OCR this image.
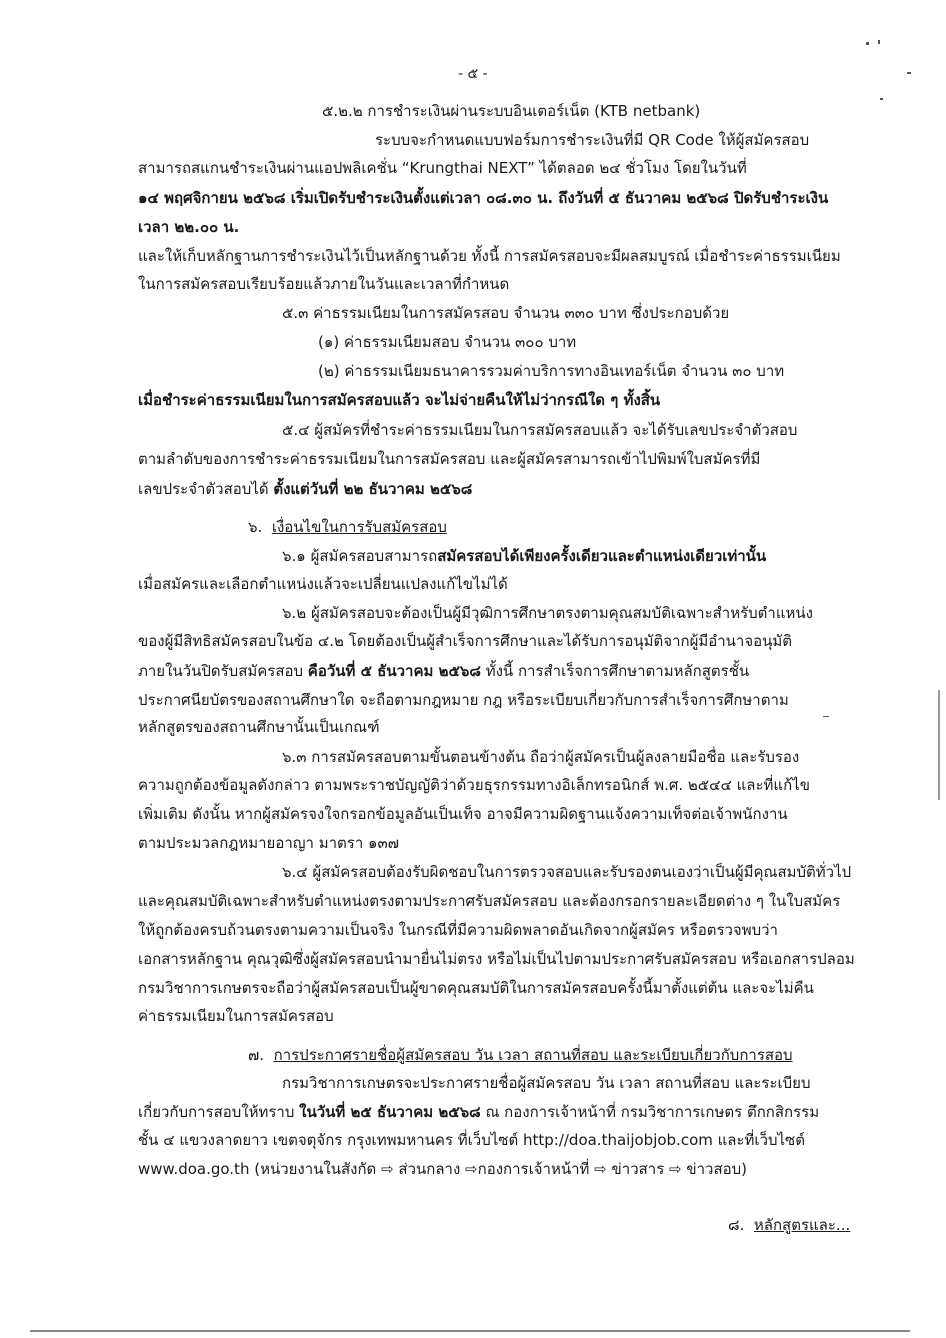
- ๕ -
๕.๒.๒ การชำระเงินผ่านระบบอินเตอร์เน็ต (KTB netbank)
ระบบจะกำหนดแบบฟอร์มการชำระเงินที่มี QR Code ให้ผู้สมัครสอบ
สามารถสแกนชำระเงินผ่านแอปพลิเคชั่น “Krungthai NEXT” ได้ตลอด ๒๔ ชั่วโมง โดยในวันที่
๑๔ พฤศจิกายน ๒๕๖๘ เริ่มเปิดรับชำระเงินตั้งแต่เวลา ๐๘.๓๐ น. ถึงวันที่ ๕ ธันวาคม ๒๕๖๘ ปิดรับชำระเงิน
เวลา ๒๒.๐๐ น.
และให้เก็บหลักฐานการชำระเงินไว้เป็นหลักฐานด้วย ทั้งนี้ การสมัครสอบจะมีผลสมบูรณ์ เมื่อชำระค่าธรรมเนียม
ในการสมัครสอบเรียบร้อยแล้วภายในวันและเวลาที่กำหนด
๕.๓ ค่าธรรมเนียมในการสมัครสอบ จำนวน ๓๓๐ บาท ซึ่งประกอบด้วย
(๑) ค่าธรรมเนียมสอบ จำนวน ๓๐๐ บาท
(๒) ค่าธรรมเนียมธนาคารรวมค่าบริการทางอินเทอร์เน็ต จำนวน ๓๐ บาท
เมื่อชำระค่าธรรมเนียมในการสมัครสอบแล้ว จะไม่จ่ายคืนให้ไม่ว่ากรณีใด ๆ ทั้งสิ้น
๕.๔ ผู้สมัครที่ชำระค่าธรรมเนียมในการสมัครสอบแล้ว จะได้รับเลขประจำตัวสอบ
ตามลำดับของการชำระค่าธรรมเนียมในการสมัครสอบ และผู้สมัครสามารถเข้าไปพิมพ์ใบสมัครที่มี
เลขประจำตัวสอบได้ ตั้งแต่วันที่ ๒๒ ธันวาคม ๒๕๖๘
๖. เงื่อนไขในการรับสมัครสอบ
๖.๑ ผู้สมัครสอบสามารถสมัครสอบได้เพียงครั้งเดียวและตำแหน่งเดียวเท่านั้น
เมื่อสมัครและเลือกตำแหน่งแล้วจะเปลี่ยนแปลงแก้ไขไม่ได้
๖.๒ ผู้สมัครสอบจะต้องเป็นผู้มีวุฒิการศึกษาตรงตามคุณสมบัติเฉพาะสำหรับตำแหน่ง
ของผู้มีสิทธิสมัครสอบในข้อ ๔.๒ โดยต้องเป็นผู้สำเร็จการศึกษาและได้รับการอนุมัติจากผู้มีอำนาจอนุมัติ
ภายในวันปิดรับสมัครสอบ คือวันที่ ๕ ธันวาคม ๒๕๖๘ ทั้งนี้ การสำเร็จการศึกษาตามหลักสูตรชั้น
ประกาศนียบัตรของสถานศึกษาใด จะถือตามกฎหมาย กฎ หรือระเบียบเกี่ยวกับการสำเร็จการศึกษาตาม
หลักสูตรของสถานศึกษานั้นเป็นเกณฑ์
๖.๓ การสมัครสอบตามขั้นตอนข้างต้น ถือว่าผู้สมัครเป็นผู้ลงลายมือชื่อ และรับรอง
ความถูกต้องข้อมูลดังกล่าว ตามพระราชบัญญัติว่าด้วยธุรกรรมทางอิเล็กทรอนิกส์ พ.ศ. ๒๕๔๔ และที่แก้ไข
เพิ่มเติม ดังนั้น หากผู้สมัครจงใจกรอกข้อมูลอันเป็นเท็จ อาจมีความผิดฐานแจ้งความเท็จต่อเจ้าพนักงาน
ตามประมวลกฎหมายอาญา มาตรา ๑๓๗
๖.๔ ผู้สมัครสอบต้องรับผิดชอบในการตรวจสอบและรับรองตนเองว่าเป็นผู้มีคุณสมบัติทั่วไป
และคุณสมบัติเฉพาะสำหรับตำแหน่งตรงตามประกาศรับสมัครสอบ และต้องกรอกรายละเอียดต่าง ๆ ในใบสมัคร
ให้ถูกต้องครบถ้วนตรงตามความเป็นจริง ในกรณีที่มีความผิดพลาดอันเกิดจากผู้สมัคร หรือตรวจพบว่า
เอกสารหลักฐาน คุณวุฒิซึ่งผู้สมัครสอบนำมายื่นไม่ตรง หรือไม่เป็นไปตามประกาศรับสมัครสอบ หรือเอกสารปลอม
กรมวิชาการเกษตรจะถือว่าผู้สมัครสอบเป็นผู้ขาดคุณสมบัติในการสมัครสอบครั้งนี้มาตั้งแต่ต้น และจะไม่คืน
ค่าธรรมเนียมในการสมัครสอบ
๗. การประกาศรายชื่อผู้สมัครสอบ วัน เวลา สถานที่สอบ และระเบียบเกี่ยวกับการสอบ
กรมวิชาการเกษตรจะประกาศรายชื่อผู้สมัครสอบ วัน เวลา สถานที่สอบ และระเบียบ
เกี่ยวกับการสอบให้ทราบ ในวันที่ ๒๕ ธันวาคม ๒๕๖๘ ณ กองการเจ้าหน้าที่ กรมวิชาการเกษตร ตึกกสิกรรม
ชั้น ๔ แขวงลาดยาว เขตจตุจักร กรุงเทพมหานคร ที่เว็บไซต์ http://doa.thaijobjob.com และที่เว็บไซต์
www.doa.go.th (หน่วยงานในสังกัด ⇨ ส่วนกลาง ⇨กองการเจ้าหน้าที่ ⇨ ข่าวสาร ⇨ ข่าวสอบ)
๘. หลักสูตรและ...
